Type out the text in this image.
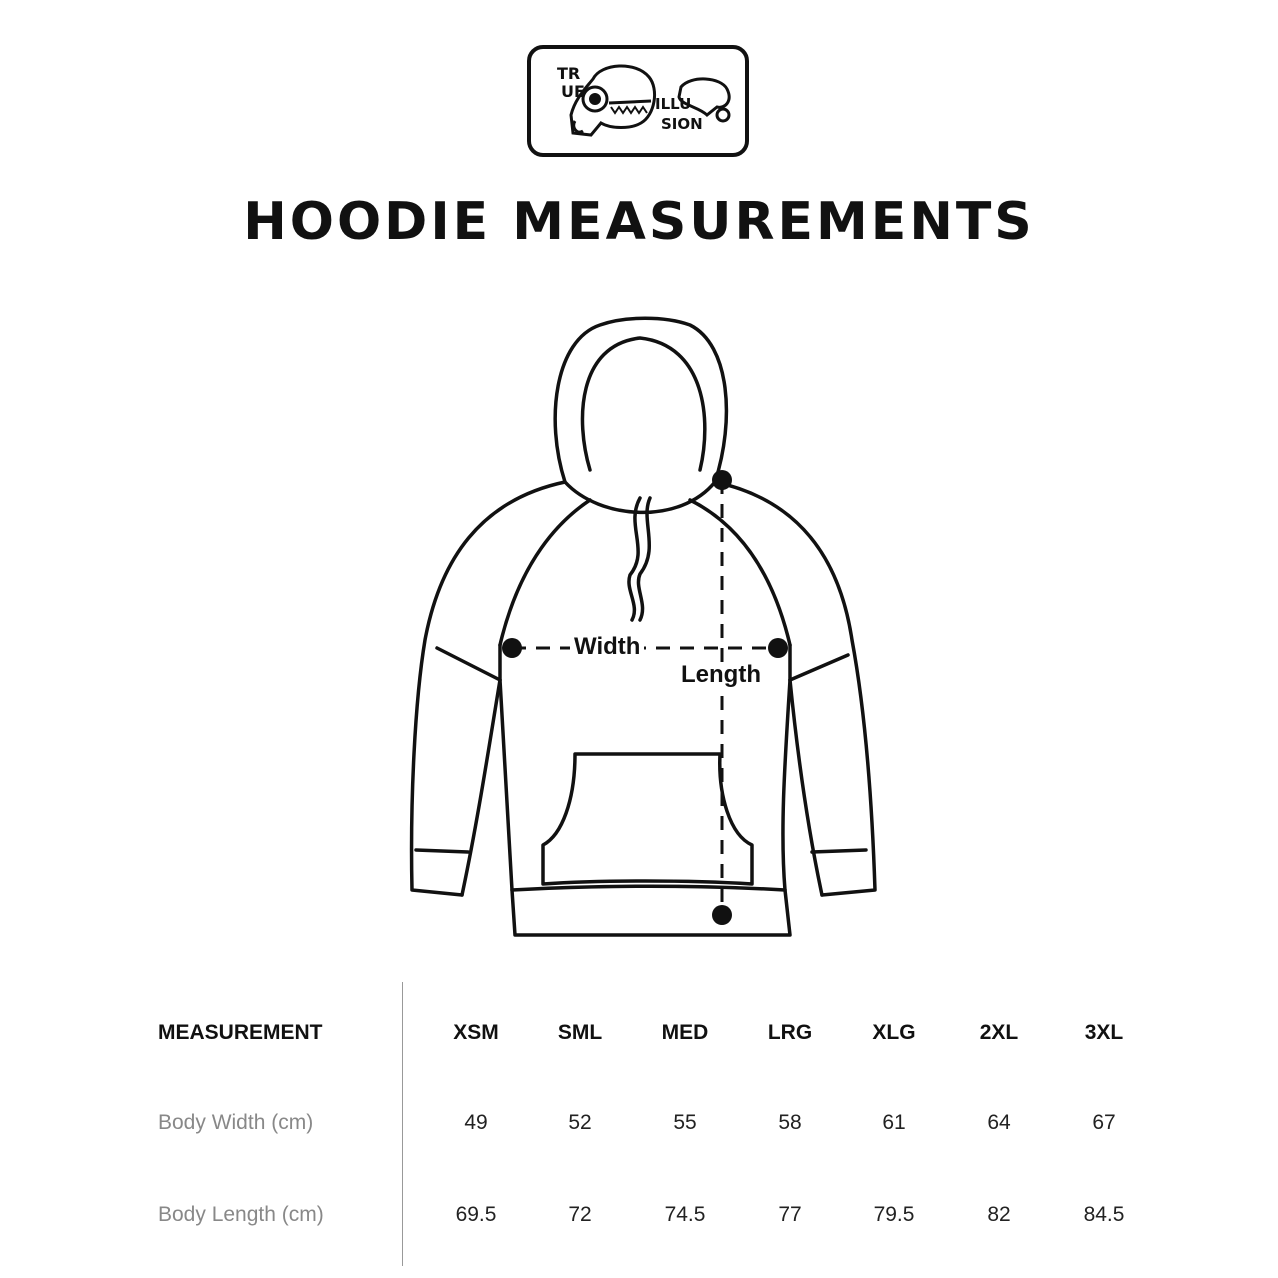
TR
UE
ILLU
SION
HOODIE MEASUREMENTS
Width
Length
MEASUREMENT	XSM	SML	MED	LRG	XLG	2XL	3XL
Body Width (cm)	49	52	55	58	61	64	67
Body Length (cm)	69.5	72	74.5	77	79.5	82	84.5
